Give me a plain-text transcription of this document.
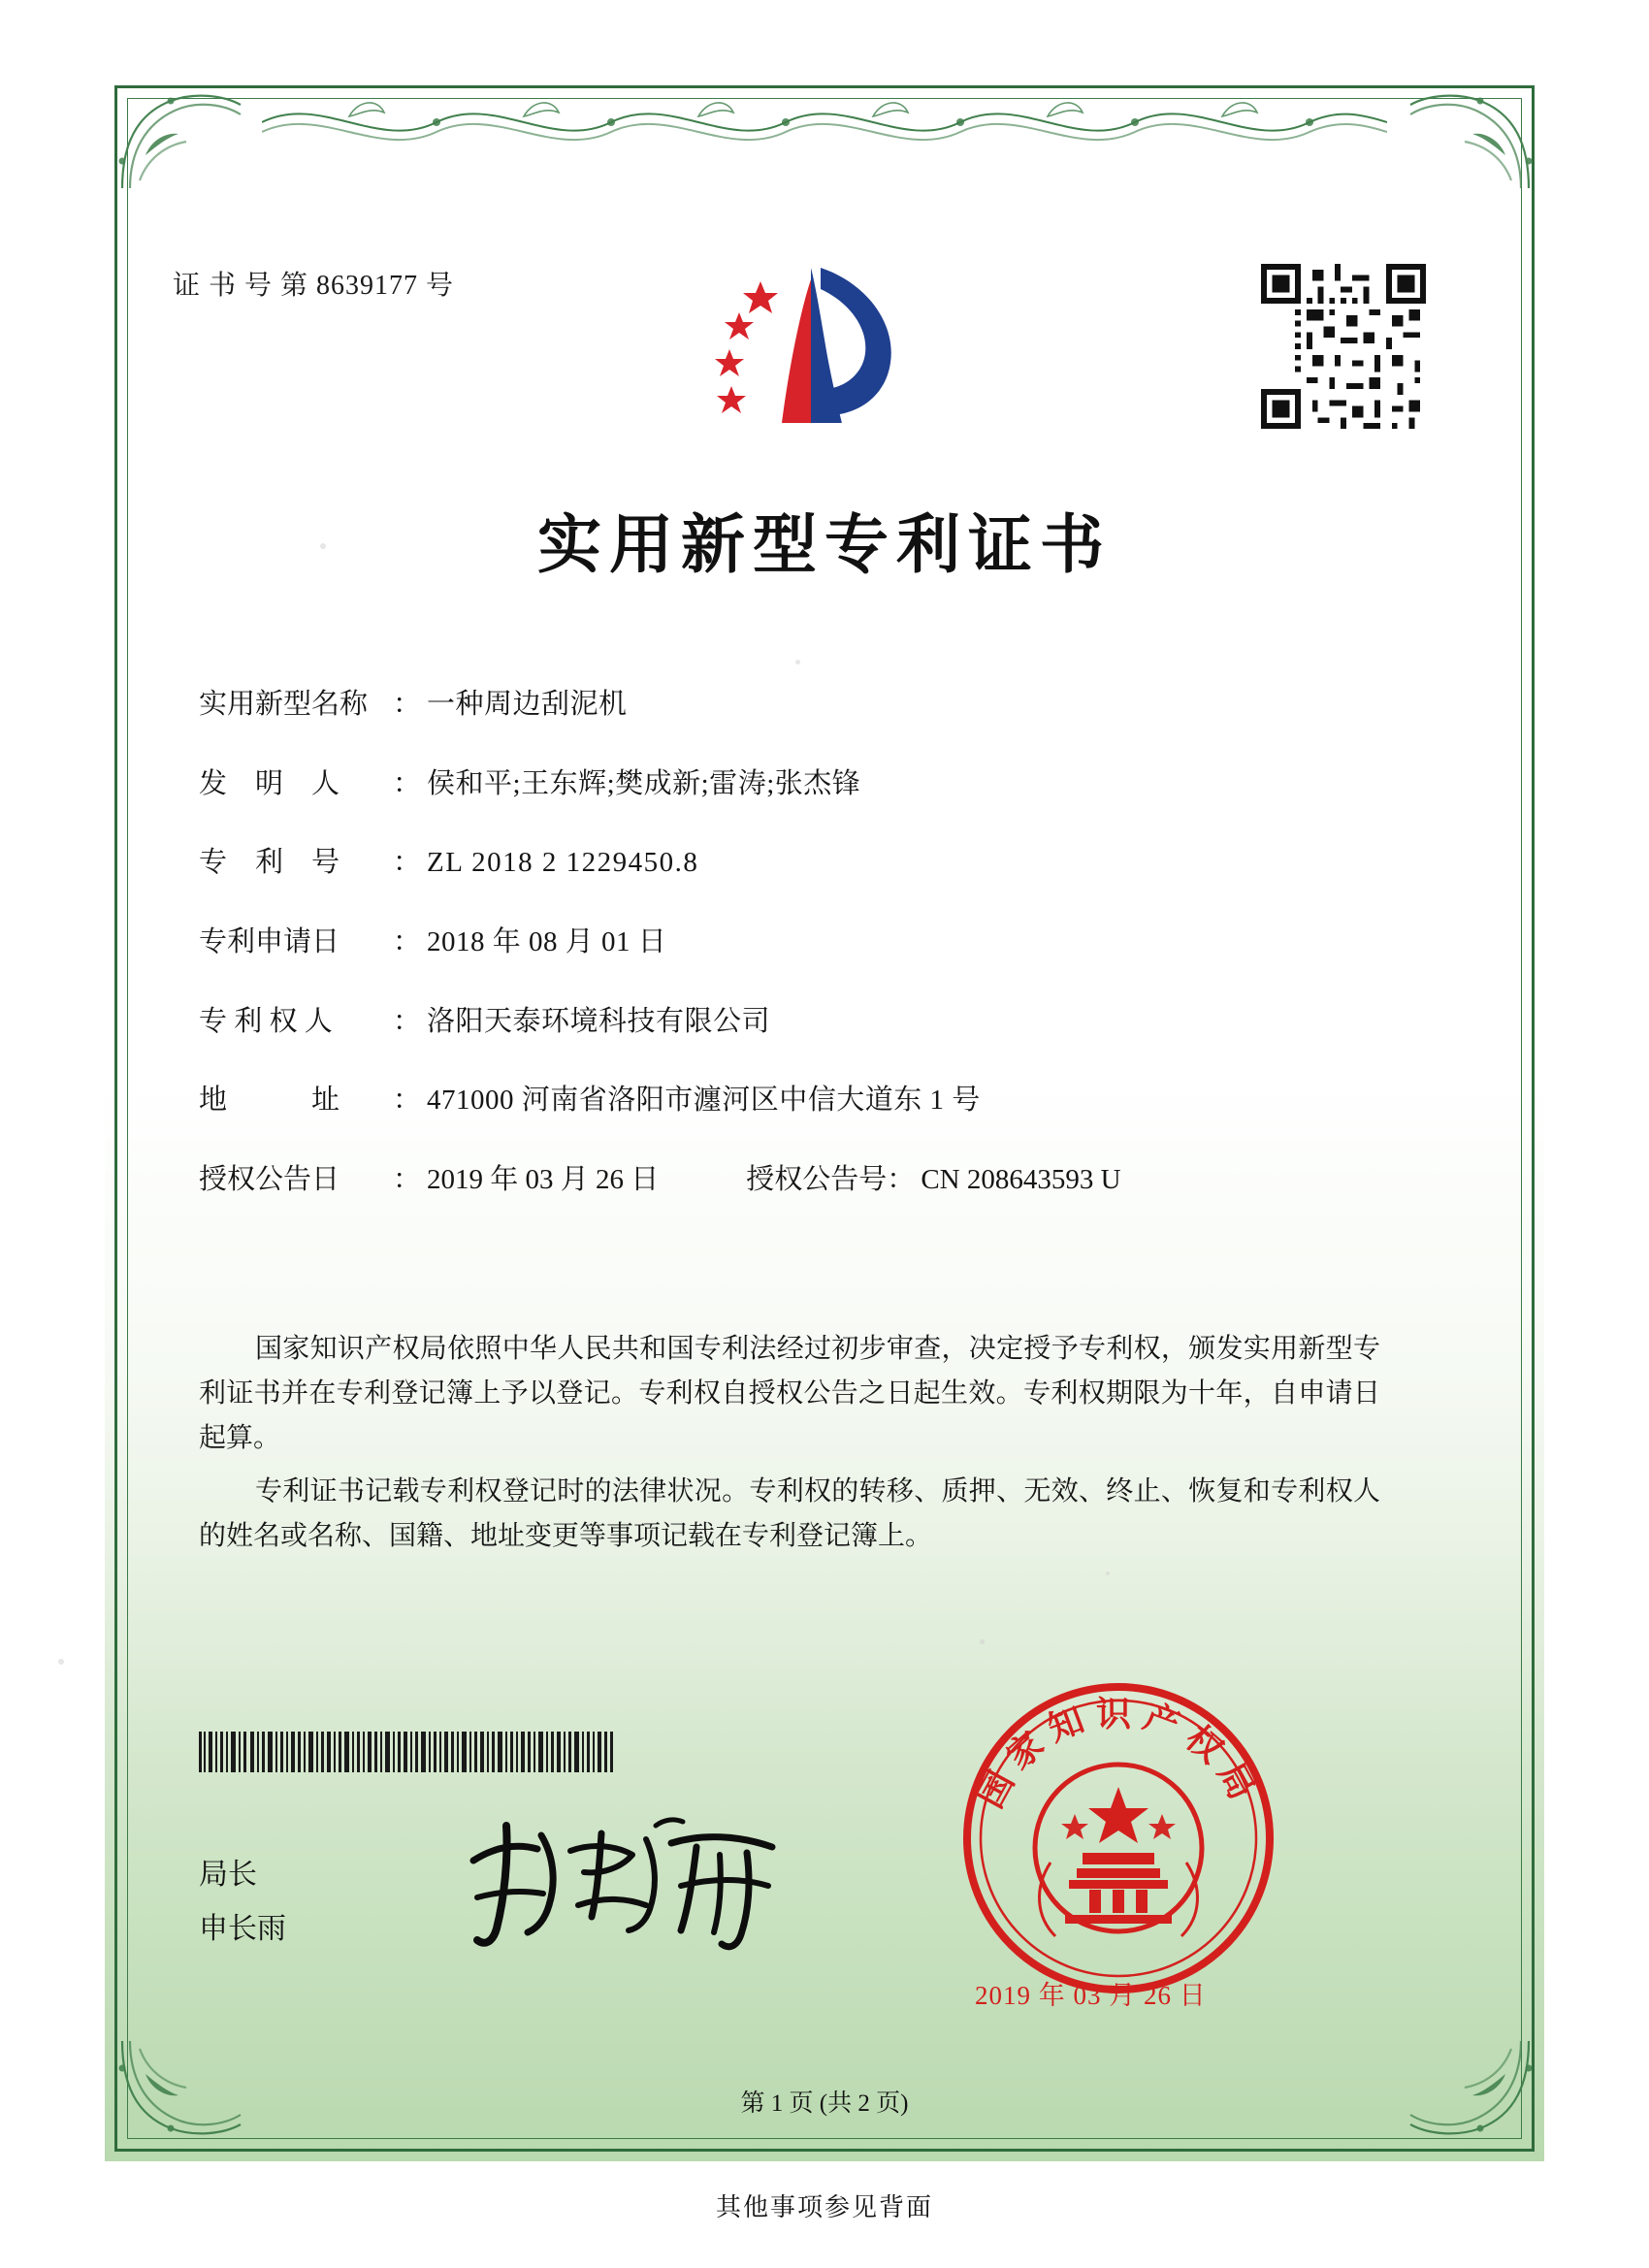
证 书 号 第 8639177 号
实用新型专利证书
实用新型名称 ： 一种周边刮泥机
发　明　人	： 侯和平;王东辉;樊成新;雷涛;张杰锋
专　利　号	： ZL 2018 2 1229450.8
专利申请日	： 2018 年 08 月 01 日
专 利 权 人	： 洛阳天泰环境科技有限公司
地　　　址	： 471000 河南省洛阳市瀍河区中信大道东 1 号
授权公告日	： 2019 年 03 月 26 日	授权公告号 ： CN 208643593 U

国家知识产权局依照中华人民共和国专利法经过初步审查，决定授予专利权，颁发实用新型专利证书并在专利登记簿上予以登记。专利权自授权公告之日起生效。专利权期限为十年，自申请日起算。

专利证书记载专利权登记时的法律状况。专利权的转移、质押、无效、终止、恢复和专利权人的姓名或名称、国籍、地址变更等事项记载在专利登记簿上。

局长
申长雨
国家知识产权局
2019 年 03 月 26 日
第 1 页 (共 2 页)
其他事项参见背面
